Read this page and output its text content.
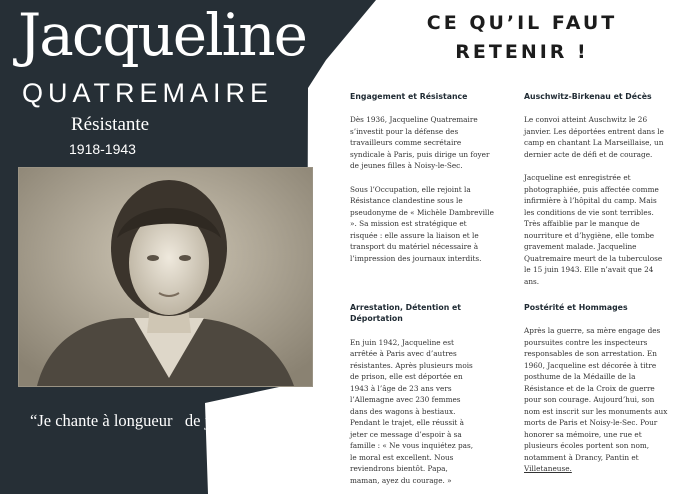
Jacqueline
QUATREMAIRE

Résistante

1918-1943

“Je chante à longueur   de journée”

CE QU’IL FAUT RETENIR !

Engagement et Résistance

Dès 1936, Jacqueline Quatremaire s’investit pour la défense des travailleurs comme secrétaire syndicale à Paris, puis dirige un foyer de jeunes filles à Noisy-le-Sec.

Sous l’Occupation, elle rejoint la Résistance clandestine sous le pseudonyme de « Michèle Dambreville ». Sa mission est stratégique et risquée : elle assure la liaison et le transport du matériel nécessaire à l’impression des journaux interdits.

Arrestation, Détention et Déportation

En juin 1942, Jacqueline est arrêtée à Paris avec d’autres résistantes. Après plusieurs mois de prison, elle est déportée en 1943 à l’âge de 23 ans vers l’Allemagne avec 230 femmes dans des wagons à bestiaux.

Pendant le trajet, elle réussit à jeter ce message d’espoir à sa famille : « Ne vous inquiétez pas, le moral est excellent. Nous reviendrons bientôt. Papa, maman, ayez du courage. »

Auschwitz-Birkenau et Décès

Le convoi atteint Auschwitz le 26 janvier. Les déportées entrent dans le camp en chantant La Marseillaise, un dernier acte de défi et de courage.

Jacqueline est enregistrée et photographiée, puis affectée comme infirmière à l’hôpital du camp. Mais les conditions de vie sont terribles. Très affaiblie par le manque de nourriture et d’hygiène, elle tombe gravement malade. Jacqueline Quatremaire meurt de la tuberculose le 15 juin 1943. Elle n’avait que 24 ans.

Postérité et Hommages

Après la guerre, sa mère engage des poursuites contre les inspecteurs responsables de son arrestation. En 1960, Jacqueline est décorée à titre posthume de la Médaille de la Résistance et de la Croix de guerre pour son courage. Aujourd’hui, son nom est inscrit sur les monuments aux morts de Paris et Noisy-le-Sec. Pour honorer sa mémoire, une rue et plusieurs écoles portent son nom, notamment à Drancy, Pantin et Villetaneuse.
